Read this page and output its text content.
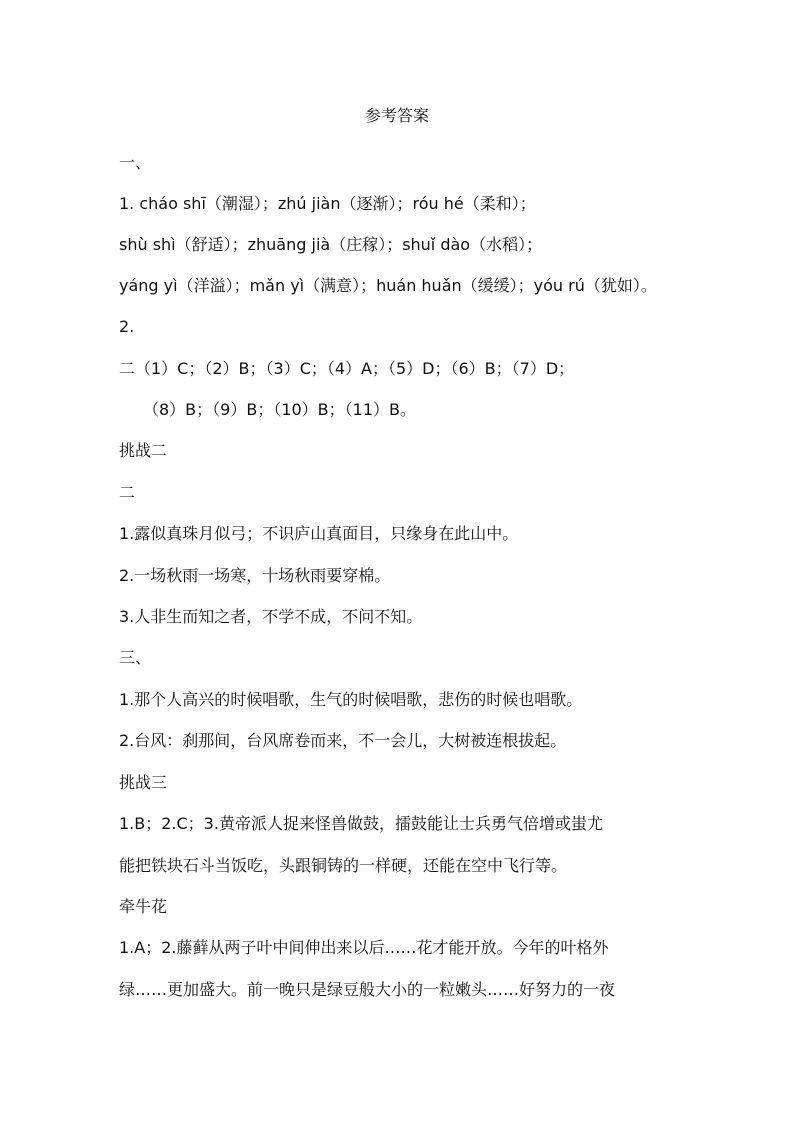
参考答案
一、
1. cháo shī（潮湿）；zhú jiàn（逐渐）；róu hé（柔和）；
shù shì（舒适）；zhuāng jià（庄稼）；shuǐ dào（水稻）；
yáng yì（洋溢）；mǎn yì（满意）；huán huǎn（缓缓）；yóu rú（犹如）。
2.
二（1）C；（2）B；（3）C；（4）A；（5）D；（6）B；（7）D；
（8）B；（9）B；（10）B；（11）B。
挑战二
二
1.露似真珠月似弓；不识庐山真面目，只缘身在此山中。
2.一场秋雨一场寒，十场秋雨要穿棉。
3.人非生而知之者，不学不成，不问不知。
三、
1.那个人高兴的时候唱歌，生气的时候唱歌，悲伤的时候也唱歌。
2.台风：刹那间，台风席卷而来，不一会儿，大树被连根拔起。
挑战三
1.B；2.C；3.黄帝派人捉来怪兽做鼓，擂鼓能让士兵勇气倍增或蚩尤
能把铁块石斗当饭吃，头跟铜铸的一样硬，还能在空中飞行等。
牵牛花
1.A；2.藤藓从两子叶中间伸出来以后……花才能开放。今年的叶格外
绿……更加盛大。前一晚只是绿豆般大小的一粒嫩头……好努力的一夜
